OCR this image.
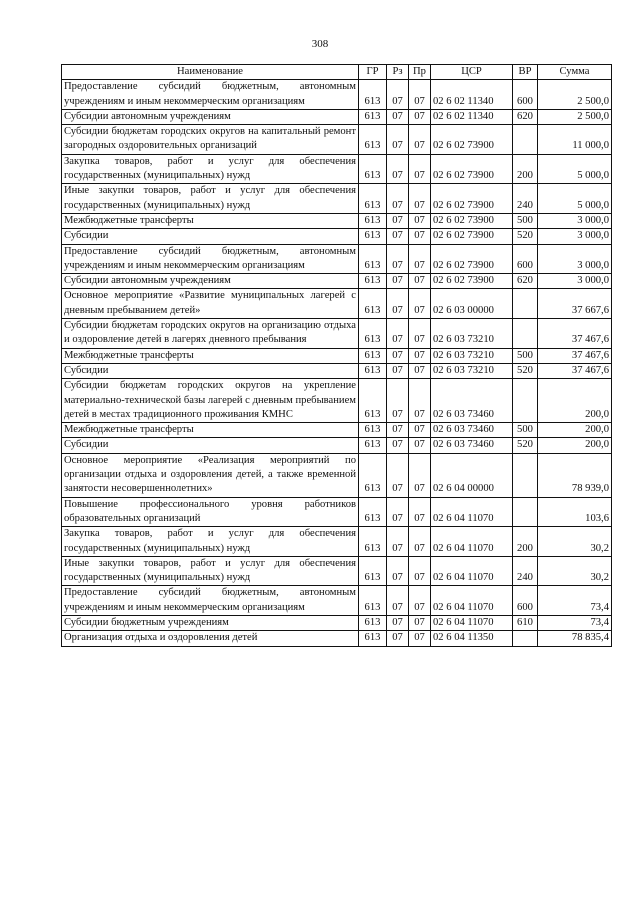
308
Наименование	ГР	Рз	Пр	ЦСР	ВР	Сумма
Предоставление субсидий бюджетным, автономным учреждениям и иным некоммерческим организациям	613	07	07	02 6 02 11340	600	2 500,0
Субсидии автономным учреждениям	613	07	07	02 6 02 11340	620	2 500,0
Субсидии бюджетам городских округов на капитальный ремонт загородных оздоровительных организаций	613	07	07	02 6 02 73900		11 000,0
Закупка товаров, работ и услуг для обеспечения государственных (муниципальных) нужд	613	07	07	02 6 02 73900	200	5 000,0
Иные закупки товаров, работ и услуг для обеспечения государственных (муниципальных) нужд	613	07	07	02 6 02 73900	240	5 000,0
Межбюджетные трансферты	613	07	07	02 6 02 73900	500	3 000,0
Субсидии	613	07	07	02 6 02 73900	520	3 000,0
Предоставление субсидий бюджетным, автономным учреждениям и иным некоммерческим организациям	613	07	07	02 6 02 73900	600	3 000,0
Субсидии автономным учреждениям	613	07	07	02 6 02 73900	620	3 000,0
Основное мероприятие «Развитие муниципальных лагерей с дневным пребыванием детей»	613	07	07	02 6 03 00000		37 667,6
Субсидии бюджетам городских округов на организацию отдыха и оздоровление детей в лагерях дневного пребывания	613	07	07	02 6 03 73210		37 467,6
Межбюджетные трансферты	613	07	07	02 6 03 73210	500	37 467,6
Субсидии	613	07	07	02 6 03 73210	520	37 467,6
Субсидии бюджетам городских округов на укрепление материально-технической базы лагерей с дневным пребыванием детей в местах традиционного проживания КМНС	613	07	07	02 6 03 73460		200,0
Межбюджетные трансферты	613	07	07	02 6 03 73460	500	200,0
Субсидии	613	07	07	02 6 03 73460	520	200,0
Основное мероприятие «Реализация мероприятий по организации отдыха и оздоровления детей, а также временной занятости несовершеннолетних»	613	07	07	02 6 04 00000		78 939,0
Повышение профессионального уровня работников образовательных организаций	613	07	07	02 6 04 11070		103,6
Закупка товаров, работ и услуг для обеспечения государственных (муниципальных) нужд	613	07	07	02 6 04 11070	200	30,2
Иные закупки товаров, работ и услуг для обеспечения государственных (муниципальных) нужд	613	07	07	02 6 04 11070	240	30,2
Предоставление субсидий бюджетным, автономным учреждениям и иным некоммерческим организациям	613	07	07	02 6 04 11070	600	73,4
Субсидии бюджетным учреждениям	613	07	07	02 6 04 11070	610	73,4
Организация отдыха и оздоровления детей	613	07	07	02 6 04 11350		78 835,4
